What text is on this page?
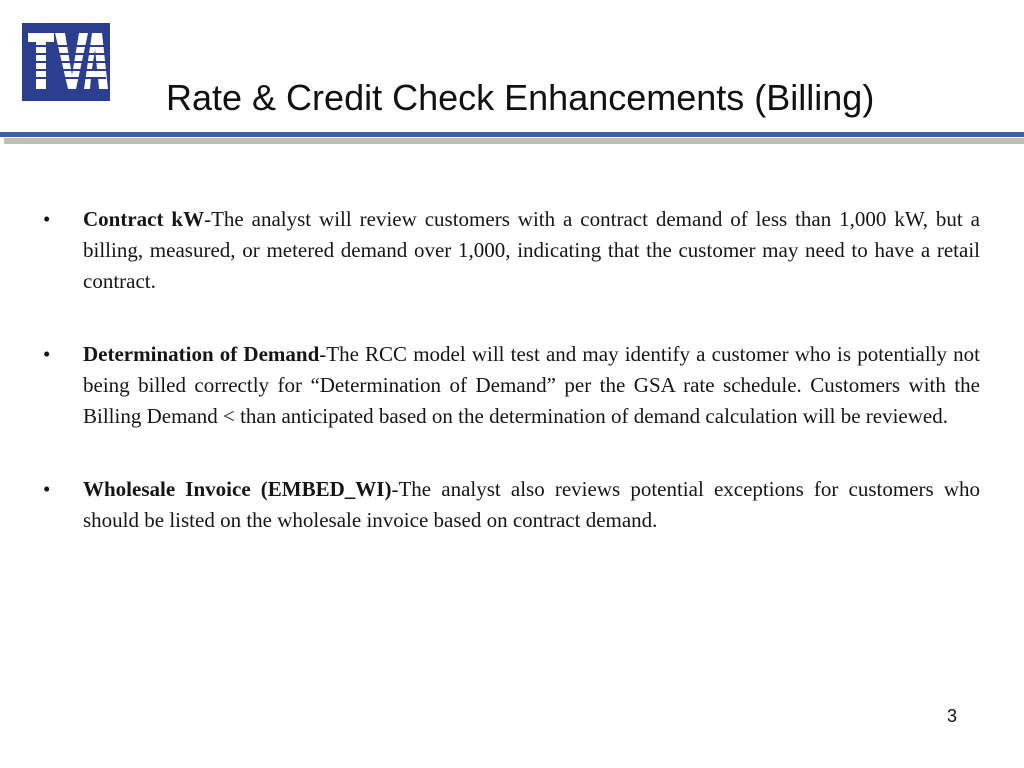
Rate & Credit Check Enhancements (Billing)
• Contract kW-The analyst will review customers with a contract demand of less than 1,000 kW, but a billing, measured, or metered demand over 1,000, indicating that the customer may need to have a retail contract.
• Determination of Demand-The RCC model will test and may identify a customer who is potentially not being billed correctly for “Determination of Demand” per the GSA rate schedule. Customers with the Billing Demand < than anticipated based on the determination of demand calculation will be reviewed.
• Wholesale Invoice (EMBED_WI)-The analyst also reviews potential exceptions for customers who should be listed on the wholesale invoice based on contract demand.
3
